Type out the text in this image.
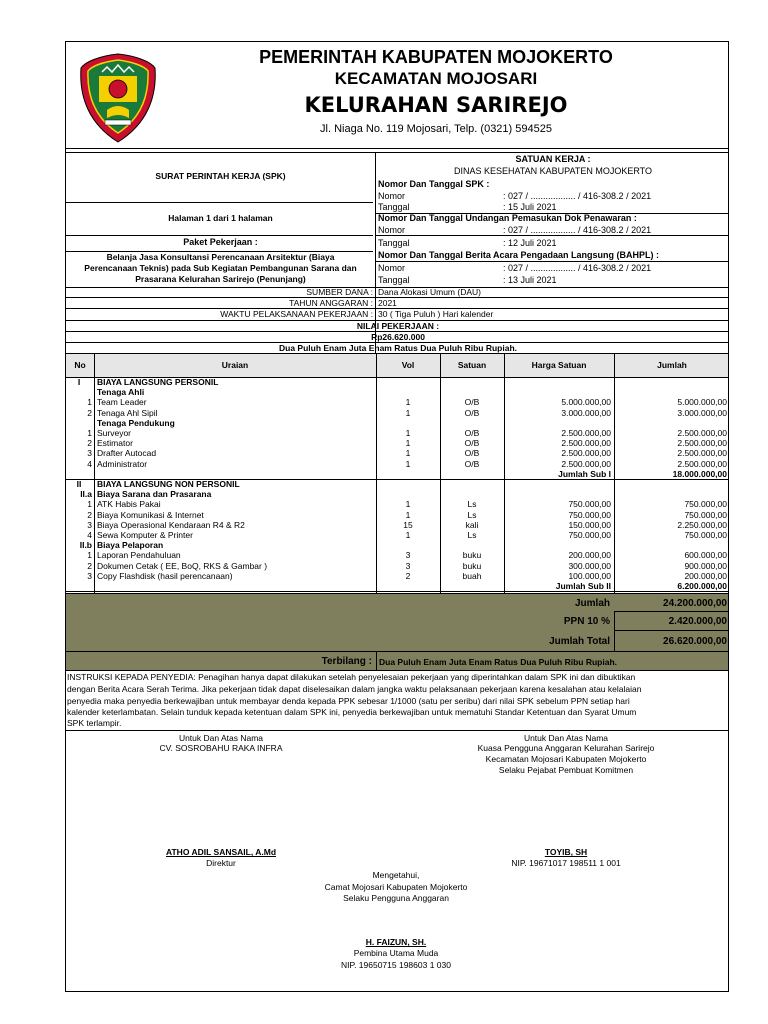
PEMERINTAH KABUPATEN MOJOKERTO
KECAMATAN MOJOSARI
KELURAHAN SARIREJO
Jl. Niaga No. 119 Mojosari, Telp. (0321) 594525
SURAT PERINTAH KERJA (SPK)
Halaman 1 dari 1 halaman
Paket Pekerjaan :
Belanja Jasa Konsultansi Perencanaan Arsitektur (Biaya
Perencanaan Teknis) pada Sub Kegiatan Pembangunan Sarana dan
Prasarana Kelurahan Sarirejo (Penunjang)
SATUAN KERJA :
DINAS KESEHATAN KABUPATEN MOJOKERTO
Nomor Dan Tanggal SPK :
Nomor	: 027 / .................. / 416-308.2 / 2021
Tanggal	: 15 Juli 2021
Nomor Dan Tanggal Undangan Pemasukan Dok Penawaran :
Nomor	: 027 / .................. / 416-308.2 / 2021
Tanggal	: 12 Juli 2021
Nomor Dan Tanggal Berita Acara Pengadaan Langsung (BAHPL) :
Nomor	: 027 / .................. / 416-308.2 / 2021
Tanggal	: 13 Juli 2021
SUMBER DANA : Dana Alokasi Umum (DAU)
TAHUN ANGGARAN : 2021
WAKTU PELAKSANAAN PEKERJAAN : 30 ( Tiga Puluh ) Hari kalender
NILAI PEKERJAAN :
Rp26.620.000
Dua Puluh Enam Juta Enam Ratus Dua Puluh Ribu Rupiah.
No	Uraian	Vol	Satuan	Harga Satuan	Jumlah
I	BIAYA LANGSUNG PERSONIL
Tenaga Ahli
1 Team Leader	1	O/B	5.000.000,00	5.000.000,00
2 Tenaga Ahl Sipil	1	O/B	3.000.000,00	3.000.000,00
Tenaga Pendukung
1 Surveyor	1	O/B	2.500.000,00	2.500.000,00
2 Estimator	1	O/B	2.500.000,00	2.500.000,00
3 Drafter Autocad	1	O/B	2.500.000,00	2.500.000,00
4 Administrator	1	O/B	2.500.000,00	2.500.000,00
Jumlah Sub I	18.000.000,00
II	BIAYA LANGSUNG NON PERSONIL
II.a Biaya Sarana dan Prasarana
1 ATK Habis Pakai	1	Ls	750.000,00	750.000,00
2 Biaya Komunikasi & Internet	1	Ls	750.000,00	750.000,00
3 Biaya Operasional Kendaraan R4 & R2	15	kali	150.000,00	2.250.000,00
4 Sewa Komputer & Printer	1	Ls	750.000,00	750.000,00
II.b Biaya Pelaporan
1 Laporan Pendahuluan	3	buku	200.000,00	600.000,00
2 Dokumen Cetak ( EE, BoQ, RKS & Gambar )	3	buku	300.000,00	900.000,00
3 Copy Flashdisk (hasil perencanaan)	2	buah	100.000,00	200.000,00
Jumlah Sub II	6.200.000,00
Jumlah	24.200.000,00
PPN 10 %	2.420.000,00
Jumlah Total	26.620.000,00
Terbilang : Dua Puluh Enam Juta Enam Ratus Dua Puluh Ribu Rupiah.
INSTRUKSI KEPADA PENYEDIA: Penagihan hanya dapat dilakukan setelah penyelesaian pekerjaan yang diperintahkan dalam SPK ini dan dibuktikan
dengan Berita Acara Serah Terima. Jika pekerjaan tidak dapat diselesaikan dalam jangka waktu pelaksanaan pekerjaan karena kesalahan atau kelalaian
penyedia maka penyedia berkewajiban untuk membayar denda kepada PPK sebesar 1/1000 (satu per seribu) dari nilai SPK sebelum PPN setiap hari
kalender keterlambatan. Selain tunduk kepada ketentuan dalam SPK ini, penyedia berkewajiban untuk mematuhi Standar Ketentuan dan Syarat Umum
SPK terlampir.
Untuk Dan Atas Nama
CV. SOSROBAHU RAKA INFRA
ATHO ADIL SANSAIL, A.Md
Direktur
Untuk Dan Atas Nama
Kuasa Pengguna Anggaran Kelurahan Sarirejo
Kecamatan Mojosari Kabupaten Mojokerto
Selaku Pejabat Pembuat Komitmen
TOYIB, SH
NIP. 19671017 198511 1 001
Mengetahui,
Camat Mojosari Kabupaten Mojokerto
Selaku Pengguna Anggaran
H. FAIZUN, SH.
Pembina Utama Muda
NIP. 19650715 198603 1 030
